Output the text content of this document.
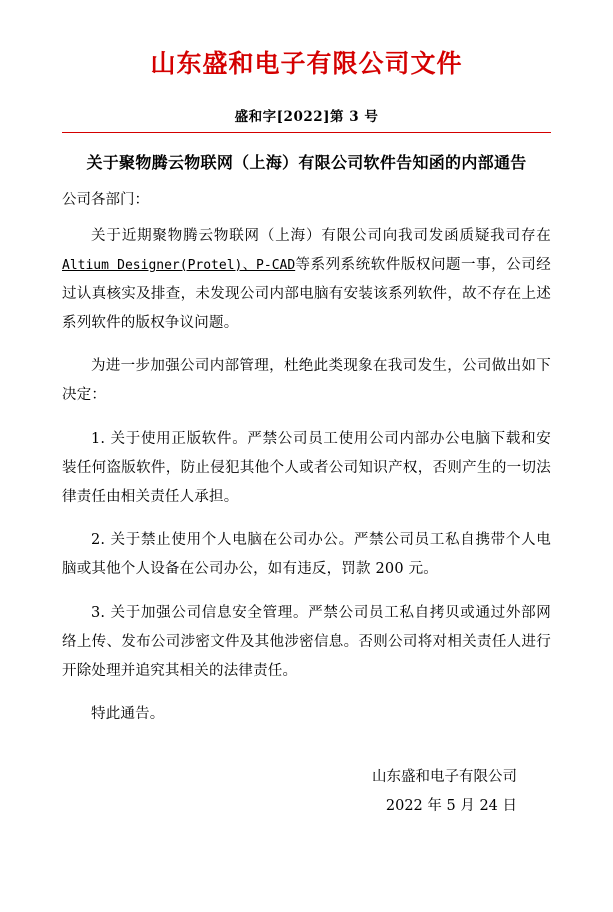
山东盛和电子有限公司文件
盛和字[2022]第 3 号
关于聚物腾云物联网（上海）有限公司软件告知函的内部通告
公司各部门：

关于近期聚物腾云物联网（上海）有限公司向我司发函质疑我司存在Altium Designer(Protel)、P-CAD等系列系统软件版权问题一事，公司经过认真核实及排查，未发现公司内部电脑有安装该系列软件，故不存在上述系列软件的版权争议问题。

为进一步加强公司内部管理，杜绝此类现象在我司发生，公司做出如下决定：

1. 关于使用正版软件。严禁公司员工使用公司内部办公电脑下载和安装任何盗版软件，防止侵犯其他个人或者公司知识产权，否则产生的一切法律责任由相关责任人承担。

2. 关于禁止使用个人电脑在公司办公。严禁公司员工私自携带个人电脑或其他个人设备在公司办公，如有违反，罚款 200 元。

3. 关于加强公司信息安全管理。严禁公司员工私自拷贝或通过外部网络上传、发布公司涉密文件及其他涉密信息。否则公司将对相关责任人进行开除处理并追究其相关的法律责任。

特此通告。

山东盛和电子有限公司
2022 年 5 月 24 日
